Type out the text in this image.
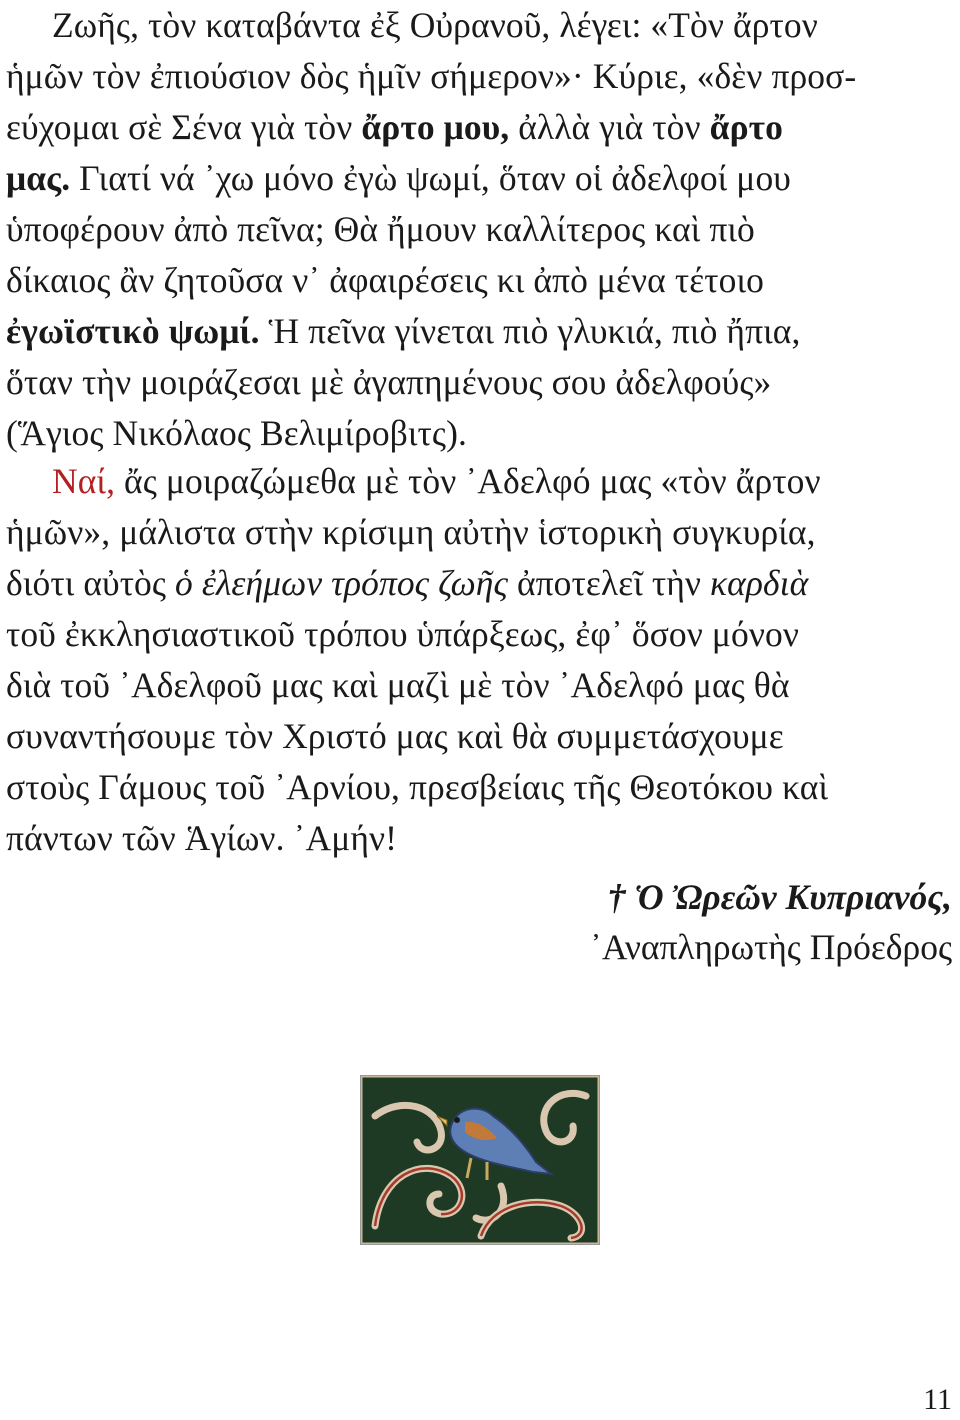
Ζωῆς, τὸν καταβάντα ἐξ Οὐρανοῦ, λέγει: «Τὸν ἄρτον
ἡμῶν τὸν ἐπιούσιον δὸς ἡμῖν σήμερον»· Κύριε, «δὲν προσ-
εύχομαι σὲ Σένα γιὰ τὸν ἄρτο μου, ἀλλὰ γιὰ τὸν ἄρτο
μας. Γιατί νά ᾿χω μόνο ἐγὼ ψωμί, ὅταν οἱ ἀδελφοί μου
ὑποφέρουν ἀπὸ πεῖνα; Θὰ ἤμουν καλλίτερος καὶ πιὸ
δίκαιος ἂν ζητοῦσα ν᾿ ἀφαιρέσεις κι ἀπὸ μένα τέτοιο
ἐγωϊστικὸ ψωμί. Ἡ πεῖνα γίνεται πιὸ γλυκιά, πιὸ ἤπια,
ὅταν τὴν μοιράζεσαι μὲ ἀγαπημένους σου ἀδελφούς»
(Ἅγιος Νικόλαος Βελιμίροβιτς).
Ναί, ἄς μοιραζώμεθα μὲ τὸν ᾿Αδελφό μας «τὸν ἄρτον
ἡμῶν», μάλιστα στὴν κρίσιμη αὐτὴν ἱστορικὴ συγκυρία,
διότι αὐτὸς ὁ ἐλεήμων τρόπος ζωῆς ἀποτελεῖ τὴν καρδιὰ
τοῦ ἐκκλησιαστικοῦ τρόπου ὑπάρξεως, ἐφ᾿ ὅσον μόνον
διὰ τοῦ ᾿Αδελφοῦ μας καὶ μαζὶ μὲ τὸν ᾿Αδελφό μας θὰ
συναντήσουμε τὸν Χριστό μας καὶ θὰ συμμετάσχουμε
στοὺς Γάμους τοῦ ᾿Αρνίου, πρεσβείαις τῆς Θεοτόκου καὶ
πάντων τῶν Ἁγίων. ᾿Αμήν!
† Ὁ Ὠρεῶν Κυπριανός,
᾿Αναπληρωτὴς Πρόεδρος
11
